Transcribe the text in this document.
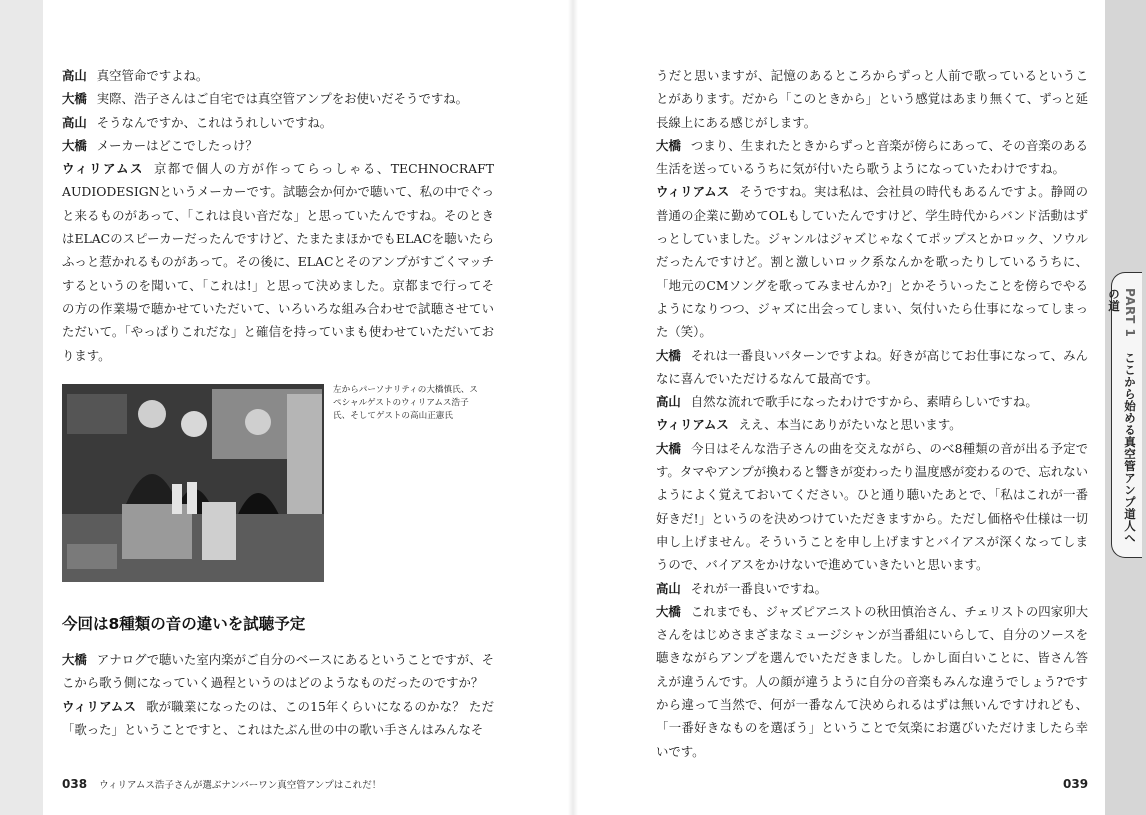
高山 真空管命ですよね。

大橋 実際、浩子さんはご自宅では真空管アンプをお使いだそうですね。

高山 そうなんですか、これはうれしいですね。

大橋 メーカーはどこでしたっけ？

ウィリアムス 京都で個人の方が作ってらっしゃる、TECHNOCRAFT AUDIODESIGNというメーカーです。試聴会か何かで聴いて、私の中でぐっと来るものがあって、「これは良い音だな」と思っていたんですね。そのときはELACのスピーカーだったんですけど、たまたまほかでもELACを聴いたらふっと惹かれるものがあって。その後に、ELACとそのアンプがすごくマッチするというのを聞いて、「これは!」と思って決めました。京都まで行ってその方の作業場で聴かせていただいて、いろいろな組み合わせで試聴させていただいて。「やっぱりこれだな」と確信を持っていまも使わせていただいております。

左からパーソナリティの大橋慎氏、スペシャルゲストのウィリアムス浩子氏、そしてゲストの高山正憲氏
今回は8種類の音の違いを試聴予定

大橋 アナログで聴いた室内楽がご自分のベースにあるということですが、そこから歌う側になっていく過程というのはどのようなものだったのですか？

ウィリアムス 歌が職業になったのは、この15年くらいになるのかな？ ただ「歌った」ということですと、これはたぶん世の中の歌い手さんはみんなそ

038 ウィリアムス浩子さんが選ぶナンバーワン真空管アンプはこれだ！

うだと思いますが、記憶のあるところからずっと人前で歌っているということがあります。だから「このときから」という感覚はあまり無くて、ずっと延長線上にある感じがします。

大橋 つまり、生まれたときからずっと音楽が傍らにあって、その音楽のある生活を送っているうちに気が付いたら歌うようになっていたわけですね。

ウィリアムス そうですね。実は私は、会社員の時代もあるんですよ。静岡の普通の企業に勤めてOLもしていたんですけど、学生時代からバンド活動はずっとしていました。ジャンルはジャズじゃなくてポップスとかロック、ソウルだったんですけど。割と激しいロック系なんかを歌ったりしているうちに、「地元のCMソングを歌ってみませんか?」とかそういったことを傍らでやるようになりつつ、ジャズに出会ってしまい、気付いたら仕事になってしまった（笑）。

大橋 それは一番良いパターンですよね。好きが高じてお仕事になって、みんなに喜んでいただけるなんて最高です。

高山 自然な流れで歌手になったわけですから、素晴らしいですね。

ウィリアムス ええ、本当にありがたいなと思います。

大橋 今日はそんな浩子さんの曲を交えながら、のべ8種類の音が出る予定です。タマやアンプが換わると響きが変わったり温度感が変わるので、忘れないようによく覚えておいてください。ひと通り聴いたあとで、「私はこれが一番好きだ!」というのを決めつけていただきますから。ただし価格や仕様は一切申し上げません。そういうことを申し上げますとバイアスが深くなってしまうので、バイアスをかけないで進めていきたいと思います。

高山 それが一番良いですね。

大橋 これまでも、ジャズピアニストの秋田慎治さん、チェリストの四家卯大さんをはじめさまざまなミュージシャンが当番組にいらして、自分のソースを聴きながらアンプを選んでいただきました。しかし面白いことに、皆さん答えが違うんです。人の顔が違うように自分の音楽もみんな違うでしょう?ですから違って当然で、何が一番なんて決められるはずは無いんですけれども、「一番好きなものを選ぼう」ということで気楽にお選びいただけましたら幸いです。

039
PART 1 ここから始める真空管アンプ道人への道
